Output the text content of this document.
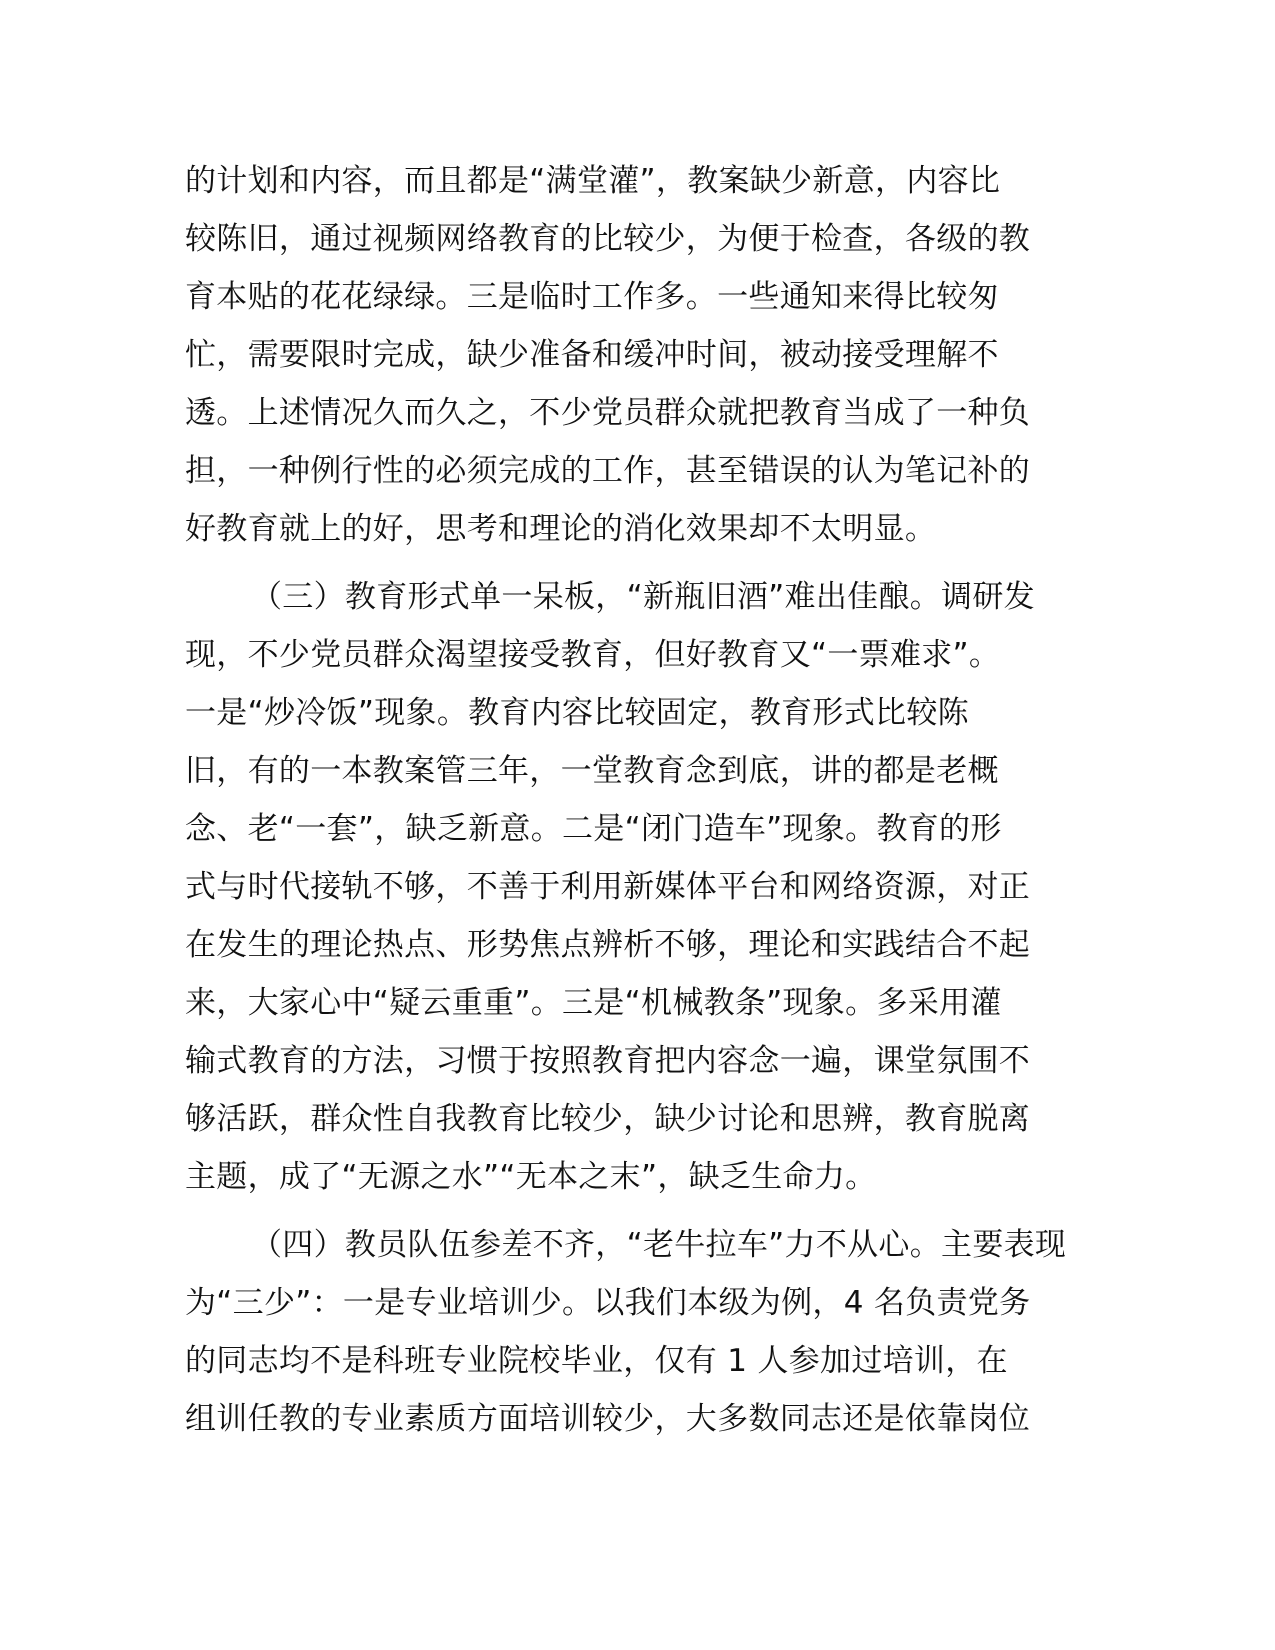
的计划和内容，而且都是“满堂灌”，教案缺少新意，内容比
较陈旧，通过视频网络教育的比较少，为便于检查，各级的教
育本贴的花花绿绿。三是临时工作多。一些通知来得比较匆
忙，需要限时完成，缺少准备和缓冲时间，被动接受理解不
透。上述情况久而久之，不少党员群众就把教育当成了一种负
担，一种例行性的必须完成的工作，甚至错误的认为笔记补的
好教育就上的好，思考和理论的消化效果却不太明显。
（三）教育形式单一呆板，“新瓶旧酒”难出佳酿。调研发
现，不少党员群众渴望接受教育，但好教育又“一票难求”。
一是“炒冷饭”现象。教育内容比较固定，教育形式比较陈
旧，有的一本教案管三年，一堂教育念到底，讲的都是老概
念、老“一套”，缺乏新意。二是“闭门造车”现象。教育的形
式与时代接轨不够，不善于利用新媒体平台和网络资源，对正
在发生的理论热点、形势焦点辨析不够，理论和实践结合不起
来，大家心中“疑云重重”。三是“机械教条”现象。多采用灌
输式教育的方法，习惯于按照教育把内容念一遍，课堂氛围不
够活跃，群众性自我教育比较少，缺少讨论和思辨，教育脱离
主题，成了“无源之水”“无本之末”，缺乏生命力。
（四）教员队伍参差不齐，“老牛拉车”力不从心。主要表现
为“三少”：一是专业培训少。以我们本级为例，4 名负责党务
的同志均不是科班专业院校毕业，仅有 1 人参加过培训，在
组训任教的专业素质方面培训较少，大多数同志还是依靠岗位
